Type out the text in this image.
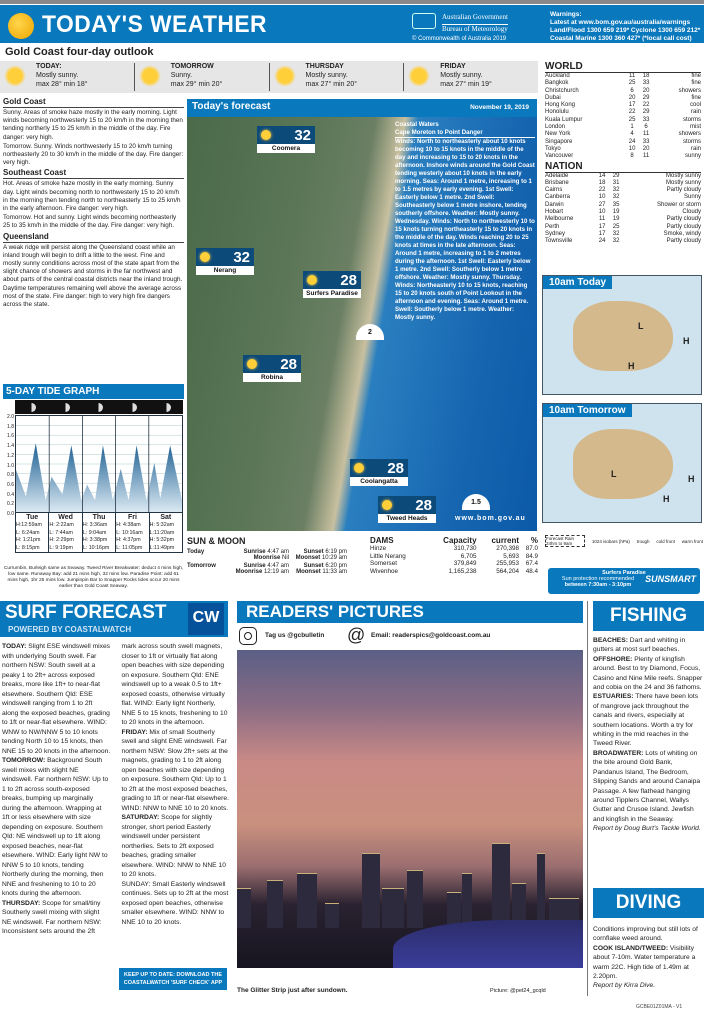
TODAY'S WEATHER	Australian Government
Bureau of Meteorology
© Commonwealth of Australia 2019
Warnings:
Latest at www.bom.gov.au/australia/warnings
Land/Flood 1300 659 219* Cyclone 1300 659 212*
Coastal Marine 1300 360 427* (*local call cost)
Gold Coast four-day outlook
TODAY:
Mostly sunny.
max 28° min 18°
TOMORROW
Sunny.
max 29° min 20°
THURSDAY
Mostly sunny.
max 27° min 20°
FRIDAY
Mostly sunny.
max 27° min 19°
Gold Coast
Sunny. Areas of smoke haze mostly in the early morning. Light winds becoming northwesterly 15 to 20 km/h in the morning then tending northerly 15 to 25 km/h in the middle of the day. Fire danger: very high.
Tomorrow. Sunny. Winds northwesterly 15 to 20 km/h turning northeasterly 20 to 30 km/h in the middle of the day. Fire danger: very high.
Southeast Coast
Hot. Areas of smoke haze mostly in the early morning. Sunny day. Light winds becoming north to northwesterly 15 to 20 km/h in the morning then tending north to northeasterly 15 to 25 km/h in the early afternoon. Fire danger: very high.
Tomorrow. Hot and sunny. Light winds becoming northeasterly 25 to 35 km/h in the middle of the day. Fire danger: very high.
Queensland
A weak ridge will persist along the Queensland coast while an inland trough will begin to drift a little to the west. Fine and mostly sunny conditions across most of the state apart from the slight chance of showers and storms in the far northwest and about parts of the central coastal districts near the inland trough. Daytime temperatures remaining well above the average across most of the state. Fire danger: high to very high fire dangers across the state.
5-DAY TIDE GRAPH
2.0
1.8
1.6
1.4
1.2
1.0
0.8
0.6
0.4
0.2
0.0	Tue
H:12:59am
L: 6:24am
H: 1:21pm
L: 8:15pm
Wed
H: 2:22am
L: 7:44am
H: 2:29pm
L: 9:19pm
Thu
H: 3:36am
L: 9:04am
H: 3:38pm
L: 10:16pm
Fri
H: 4:38am
L: 10:16am
H: 4:37pm
L: 11:05pm
Sat
H: 5:32am
L:11:20am
H: 5:32pm
L:11:49pm
Currumbin, Burleigh same as Seaway. Tweed River Breakwater: deduct 4 mins high, low same. Runaway Bay: add 21 mins high, 32 mins low. Paradise Point: add 61 mins high, 1hr 25 mins low. Jumpinpin Bar to Snapper Rocks tides occur 20 mins earlier than Gold Coast Seaway.
Today's forecast	November 19, 2019
Coastal Waters
Cape Moreton to Point Danger
Winds: North to northeasterly about 10 knots becoming 10 to 15 knots in the middle of the day and increasing to 15 to 20 knots in the afternoon. Inshore winds around the Gold Coast tending westerly about 10 knots in the early morning. Seas: Around 1 metre, increasing to 1 to 1.5 metres by early evening. 1st Swell: Easterly below 1 metre. 2nd Swell: Southeasterly below 1 metre inshore, tending southerly offshore. Weather: Mostly sunny. Wednesday. Winds: North to northwesterly 10 to 15 knots turning northeasterly 15 to 20 knots in the middle of the day. Winds reaching 20 to 25 knots at times in the late afternoon. Seas: Around 1 metre, increasing to 1 to 2 metres during the afternoon. 1st Swell: Easterly below 1 metre. 2nd Swell: Southerly below 1 metre offshore. Weather: Mostly sunny. Thursday. Winds: Northeasterly 10 to 15 knots, reaching 15 to 20 knots south of Point Lookout in the afternoon and evening. Seas: Around 1 metre. Swell: Southerly below 1 metre. Weather: Mostly sunny.
32
Coomera
32
Nerang
28
Surfers Paradise
28
Robina
28
Coolangatta
28
Tweed Heads
2
1.5
www.bom.gov.au
SUN & MOON
Today	Sunrise 4:47 am	Sunset 6:19 pm
Moonrise Nil	Moonset 10:29 am
Tomorrow	Sunrise 4:47 am	Sunset 6:20 pm
Moonrise 12:19 am	Moonset 11:33 am
DAMS	Capacity	current	%
Hinze	310,730	270,398	87.0
Little Nerang	6,705	5,693	84.9
Somerset	379,849	255,953	67.4
Wivenhoe	1,165,238	564,204	48.4
WORLD
Auckland	11	18	fine
Bangkok	25	33	fine
Christchurch	6	20	showers
Dubai	20	29	fine
Hong Kong	17	22	cool
Honolulu	22	29	rain
Kuala Lumpur	25	33	storms
London	1	6	mist
New York	4	11	showers
Singapore	24	33	storms
Tokyo	10	20	rain
Vancouver	8	11	sunny
NATION
Adelaide	14	29	Mostly sunny
Brisbane	18	31	Mostly sunny
Cairns	22	32	Partly cloudy
Canberra	10	32	Sunny
Darwin	27	35	Shower or storm
Hobart	10	19	Cloudy
Melbourne	11	19	Partly cloudy
Perth	17	25	Partly cloudy
Sydney	17	32	Smoke, windy
Townsville	24	32	Partly cloudy
10am Today
L
H
H
10am Tomorrow
L	H
H
Forecast Rain 24hrs to 9am	1024 isobars (hPa) trough cold front warm front
Surfers Paradise
Sun protection recommended
between 7:30am - 3:10pm
SUNSMART
SURF FORECAST
POWERED BY COASTALWATCH
CW

TODAY: Slight ESE windswell mixes with underlying South swell. Far northern NSW: South swell at a peaky 1 to 2ft+ across exposed breaks, more like 1ft+ to near-flat elsewhere. Southern Qld: ESE windswell ranging from 1 to 2ft along the exposed beaches, grading to 1ft or near-flat elsewhere. WIND: WNW to NW/NNW 5 to 10 knots tending North 10 to 15 knots, then NNE 15 to 20 knots in the afternoon.

TOMORROW: Background South swell mixes with slight NE windswell. Far northern NSW: Up to 1 to 2ft across south-exposed breaks, bumping up marginally during the afternoon. Wrapping at 1ft or less elsewhere with size depending on exposure. Southern Qld: NE windswell up to 1ft along exposed beaches, near-flat elsewhere. WIND: Early light NW to NNW 5 to 10 knots, tending Northerly during the morning, then NNE and freshening to 10 to 20 knots during the afternoon.

THURSDAY: Scope for small/tiny Southerly swell mixing with slight NE windswell. Far northern NSW: Inconsistent sets around the 2ft mark across south swell magnets, closer to 1ft or virtually flat along open beaches with size depending on exposure. Southern Qld: ENE windswell up to a weak 0.5 to 1ft+ exposed coasts, otherwise virtually flat. WIND: Early light Northerly, NNE 5 to 15 knots, freshening to 10 to 20 knots in the afternoon.

FRIDAY: Mix of small Southerly swell and slight ENE windswell. Far northern NSW: Slow 2ft+ sets at the magnets, grading to 1 to 2ft along open beaches with size depending on exposure. Southern Qld: Up to 1 to 2ft at the most exposed beaches, grading to 1ft or near-flat elsewhere. WIND: NNW to NNE 10 to 20 knots.

SATURDAY: Scope for slightly stronger, short period Easterly windswell under persistent northerlies. Sets to 2ft exposed beaches, grading smaller elsewhere. WIND: NNW to NNE 10 to 20 knots.

SUNDAY: Small Easterly windswell continues. Sets up to 2ft at the most exposed open beaches, otherwise smaller elsewhere. WIND: NNW to NNE 10 to 20 knots.

KEEP UP TO DATE: DOWNLOAD THE COASTALWATCH 'SURF CHECK' APP
READERS' PICTURES
Tag us @gcbulletin @ Email: readerspics@goldcoast.com.au
The Glitter Strip just after sundown.	Picture: @pet24_gcqld
FISHING

BEACHES: Dart and whiting in gutters at most surf beaches.

OFFSHORE: Plenty of kingfish around. Best to try Diamond, Focus, Casino and Nine Mile reefs. Snapper and cobia on the 24 and 36 fathoms.

ESTUARIES: There have been lots of mangrove jack throughout the canals and rivers, especially at southern locations. Worth a try for whiting in the mid reaches in the Tweed River.

BROADWATER: Lots of whiting on the bite around Gold Bank, Pandanus Island, The Bedroom, Slipping Sands and around Canaipa Passage. A few flathead hanging around Tipplers Channel, Wallys Gutter and Crusoe Island. Jewfish and kingfish in the Seaway.

Report by Doug Burt's Tackle World.

DIVING

Conditions improving but still lots of cornflake weed around.

COOK ISLAND/TWEED: Visibility about 7-10m. Water temperature a warm 22C. High tide of 1.49m at 2.20pm.

Report by Kirra Dive.

GCBE01Z01MA - V1
